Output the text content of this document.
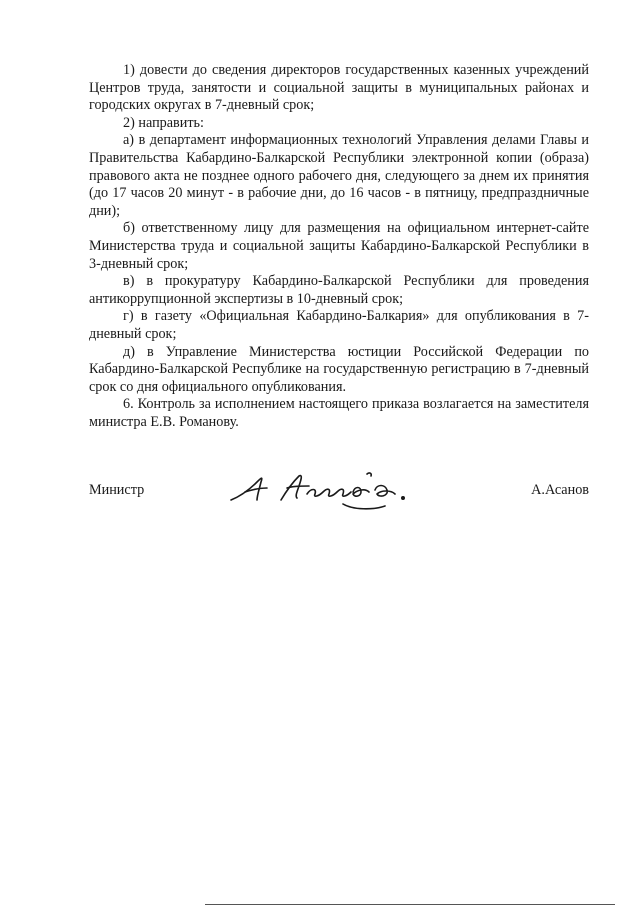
1) довести до сведения директоров государственных казенных учреждений Центров труда, занятости и социальной защиты в муниципальных районах и городских округах в 7-дневный срок;

2) направить:

а) в департамент информационных технологий Управления делами Главы и Правительства Кабардино-Балкарской Республики электронной копии (образа) правового акта не позднее одного рабочего дня, следующего за днем их принятия (до 17 часов 20 минут - в рабочие дни, до 16 часов - в пятницу, предпраздничные дни);

б) ответственному лицу для размещения на официальном интернет-сайте Министерства труда и социальной защиты Кабардино-Балкарской Республики в 3-дневный срок;

в) в прокуратуру Кабардино-Балкарской Республики для проведения антикоррупционной экспертизы в 10-дневный срок;

г) в газету «Официальная Кабардино-Балкария» для опубликования в 7-дневный срок;

д) в Управление Министерства юстиции Российской Федерации по Кабардино-Балкарской Республике на государственную регистрацию в 7-дневный срок со дня официального опубликования.

6. Контроль за исполнением настоящего приказа возлагается на заместителя министра Е.В. Романову.

Министр	А.Асанов
